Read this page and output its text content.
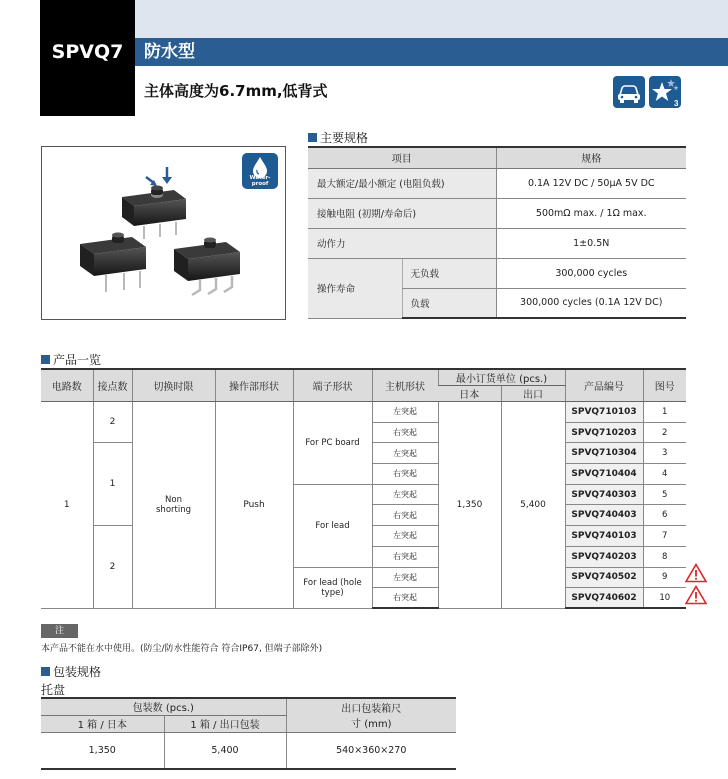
SPVQ7	防水型
主体高度为6.7mm,低背式
3
主要规格
Water-proof
项目		规格
最大额定/最小额定 (电阻负载)		0.1A 12V DC / 50μA 5V DC
接触电阻 (初期/寿命后)		500mΩ max. / 1Ω max.
动作力		1±0.5N
操作寿命	无负载	300,000 cycles
	负载	300,000 cycles (0.1A 12V DC)
产品一览
电路数	接点数	切换时限	操作部形状	端子形状	主机形状	最小订货单位 (pcs.)		产品编号	图号
						日本	出口		
1	2	Non shorting	Push	For PC board	左突起	1,350	5,400	SPVQ710103	1
					右突起			SPVQ710203	2
	1				左突起			SPVQ710304	3
					右突起			SPVQ710404	4
				For lead	左突起			SPVQ740303	5
					右突起			SPVQ740403	6
	2				左突起			SPVQ740103	7
					右突起			SPVQ740203	8
				For lead (hole type)	左突起			SPVQ740502	9
					右突起			SPVQ740602	10
注
本产品不能在水中使用。(防尘/防水性能符合 符合IP67, 但端子部除外)
包装规格
托盘
包装数 (pcs.)		出口包装箱尺寸 (mm)
1 箱 / 日本	1 箱 / 出口包装	
1,350	5,400	540×360×270
